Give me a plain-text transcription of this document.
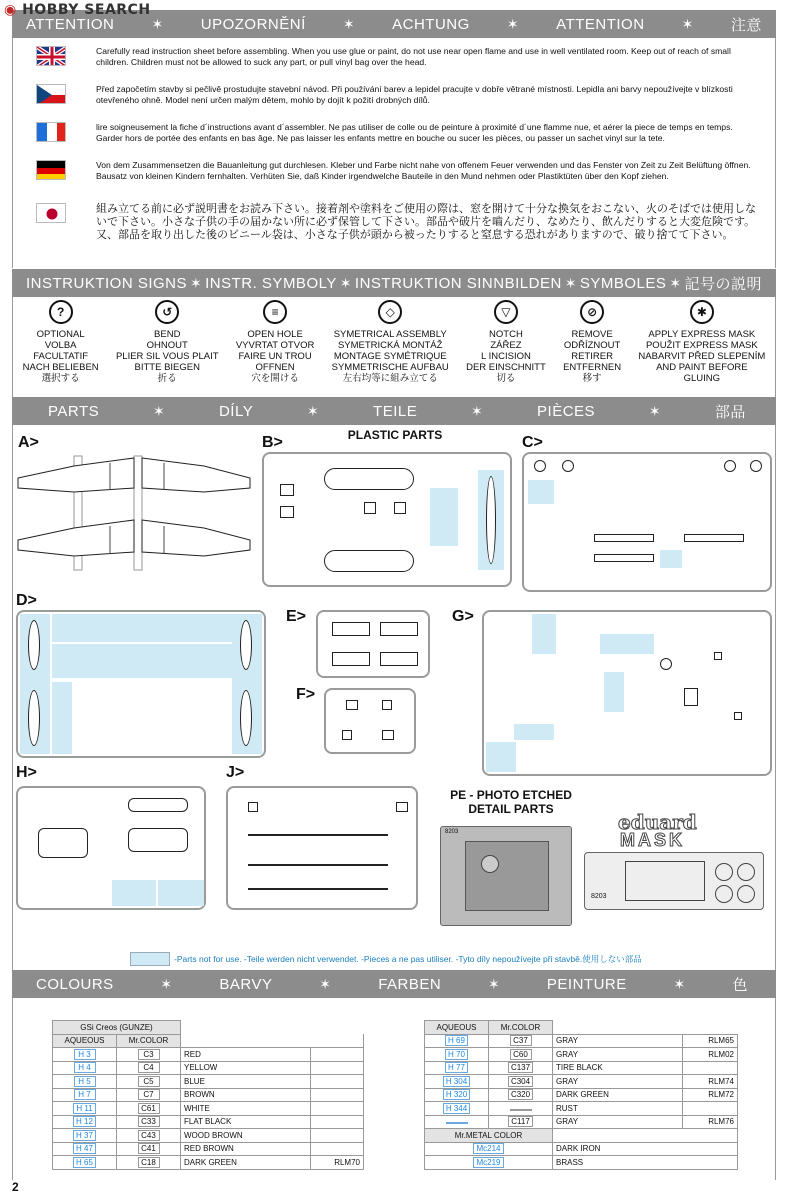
◉ HOBBY SEARCH
ATTENTION	✶ UPOZORNĚNÍ	✶ ACHTUNG	✶ ATTENTION	✶ 注意
Carefully read instruction sheet before assembling. When you use glue or paint, do not use near open flame and use in well ventilated room. Keep out of reach of small children. Children must not be allowed to suck any part, or pull vinyl bag over the head.
Před započetím stavby si pečlivě prostudujte stavební návod. Při používání barev a lepidel pracujte v dobře větrané místnosti. Lepidla ani barvy nepoužívejte v blízkosti otevřeného ohně. Model není určen malým dětem, mohlo by dojít k požití drobných dílů.
lire soigneusement la fiche d´instructions avant d´assembler. Ne pas utiliser de colle ou de peinture à proximité d´une flamme nue, et aérer la piece de temps en temps. Garder hors de portée des enfants en bas âge. Ne pas laisser les enfants mettre en bouche ou sucer les pièces, ou passer un sachet vinyl sur la tete.
Von dem Zusammensetzen die Bauanleitung gut durchlesen. Kleber und Farbe nicht nahe von offenem Feuer verwenden und das Fenster von Zeit zu Zeit Belüftung öffnen. Bausatz von kleinen Kindern fernhalten. Verhüten Sie, daß Kinder irgendwelche Bauteile in den Mund nehmen oder Plastiktüten über den Kopf ziehen.
組み立てる前に必ず説明書をお読み下さい。接着剤や塗料をご使用の際は、窓を開けて十分な換気をおこない、火のそばでは使用しないで下さい。小さな子供の手の届かない所に必ず保管して下さい。部品や破片を嚙んだり、なめたり、飲んだりすると大変危険です。又、部品を取り出した後のビニール袋は、小さな子供が頭から被ったりすると窒息する恐れがありますので、破り捨てて下さい。
INSTRUKTION SIGNS ✶ INSTR. SYMBOLY ✶ INSTRUKTION SINNBILDEN ✶ SYMBOLES ✶ 記号の説明
?
OPTIONAL
VOLBA
FACULTATIF
NACH BELIEBEN
選択する
↺
BEND
OHNOUT
PLIER SIL VOUS PLAIT
BITTE BIEGEN
折る
≡
OPEN HOLE
VYVRTAT OTVOR
FAIRE UN TROU
OFFNEN
穴を開ける
◇
SYMETRICAL ASSEMBLY
SYMETRICKÁ MONTÁŽ
MONTAGE SYMÉTRIQUE
SYMMETRISCHE AUFBAU
左右均等に組み立てる
▽
NOTCH
ZÁŘEZ
L INCISION
DER EINSCHNITT
切る
⊘
REMOVE
ODŘÍZNOUT
RETIRER
ENTFERNEN
移す
✱
APPLY EXPRESS MASK
POUŽIT EXPRESS MASK
NABARVIT PŘED SLEPENÍM
AND PAINT BEFORE
GLUING
PARTS	✶	DÍLY	✶	TEILE	✶	PIÈCES	✶	部品
A>	B>	PLASTIC PARTS	C>
D>
E>
F>
G>
H>	J>
PE - PHOTO ETCHED
DETAIL PARTS
8203	eduard
MASK
8203
-Parts not for use. -Teile werden nicht verwendet. -Pieces a ne pas utiliser. -Tyto díly nepoužívejte při stavbě.使用しない部品
COLOURS	✶	BARVY	✶	FARBEN	✶	PEINTURE	✶	色
GSi Creos (GUNZE)			
AQUEOUS	Mr.COLOR		
H 3	C3	RED	
H 4	C4	YELLOW	
H 5	C5	BLUE	
H 7	C7	BROWN	
H 11	C61	WHITE	
H 12	C33	FLAT BLACK	
H 37	C43	WOOD BROWN	
H 47	C41	RED BROWN	
H 65	C18	DARK GREEN	RLM70
AQUEOUS	Mr.COLOR		
H 69	C37	GRAY	RLM65
H 70	C60	GRAY	RLM02
H 77	C137	TIRE BLACK	
H 304	C304	GRAY	RLM74
H 320	C320	DARK GREEN	RLM72
H 344		RUST	
	C117	GRAY	RLM76
Mr.METAL COLOR			
Mc214		DARK IRON	
Mc219		BRASS	
2
